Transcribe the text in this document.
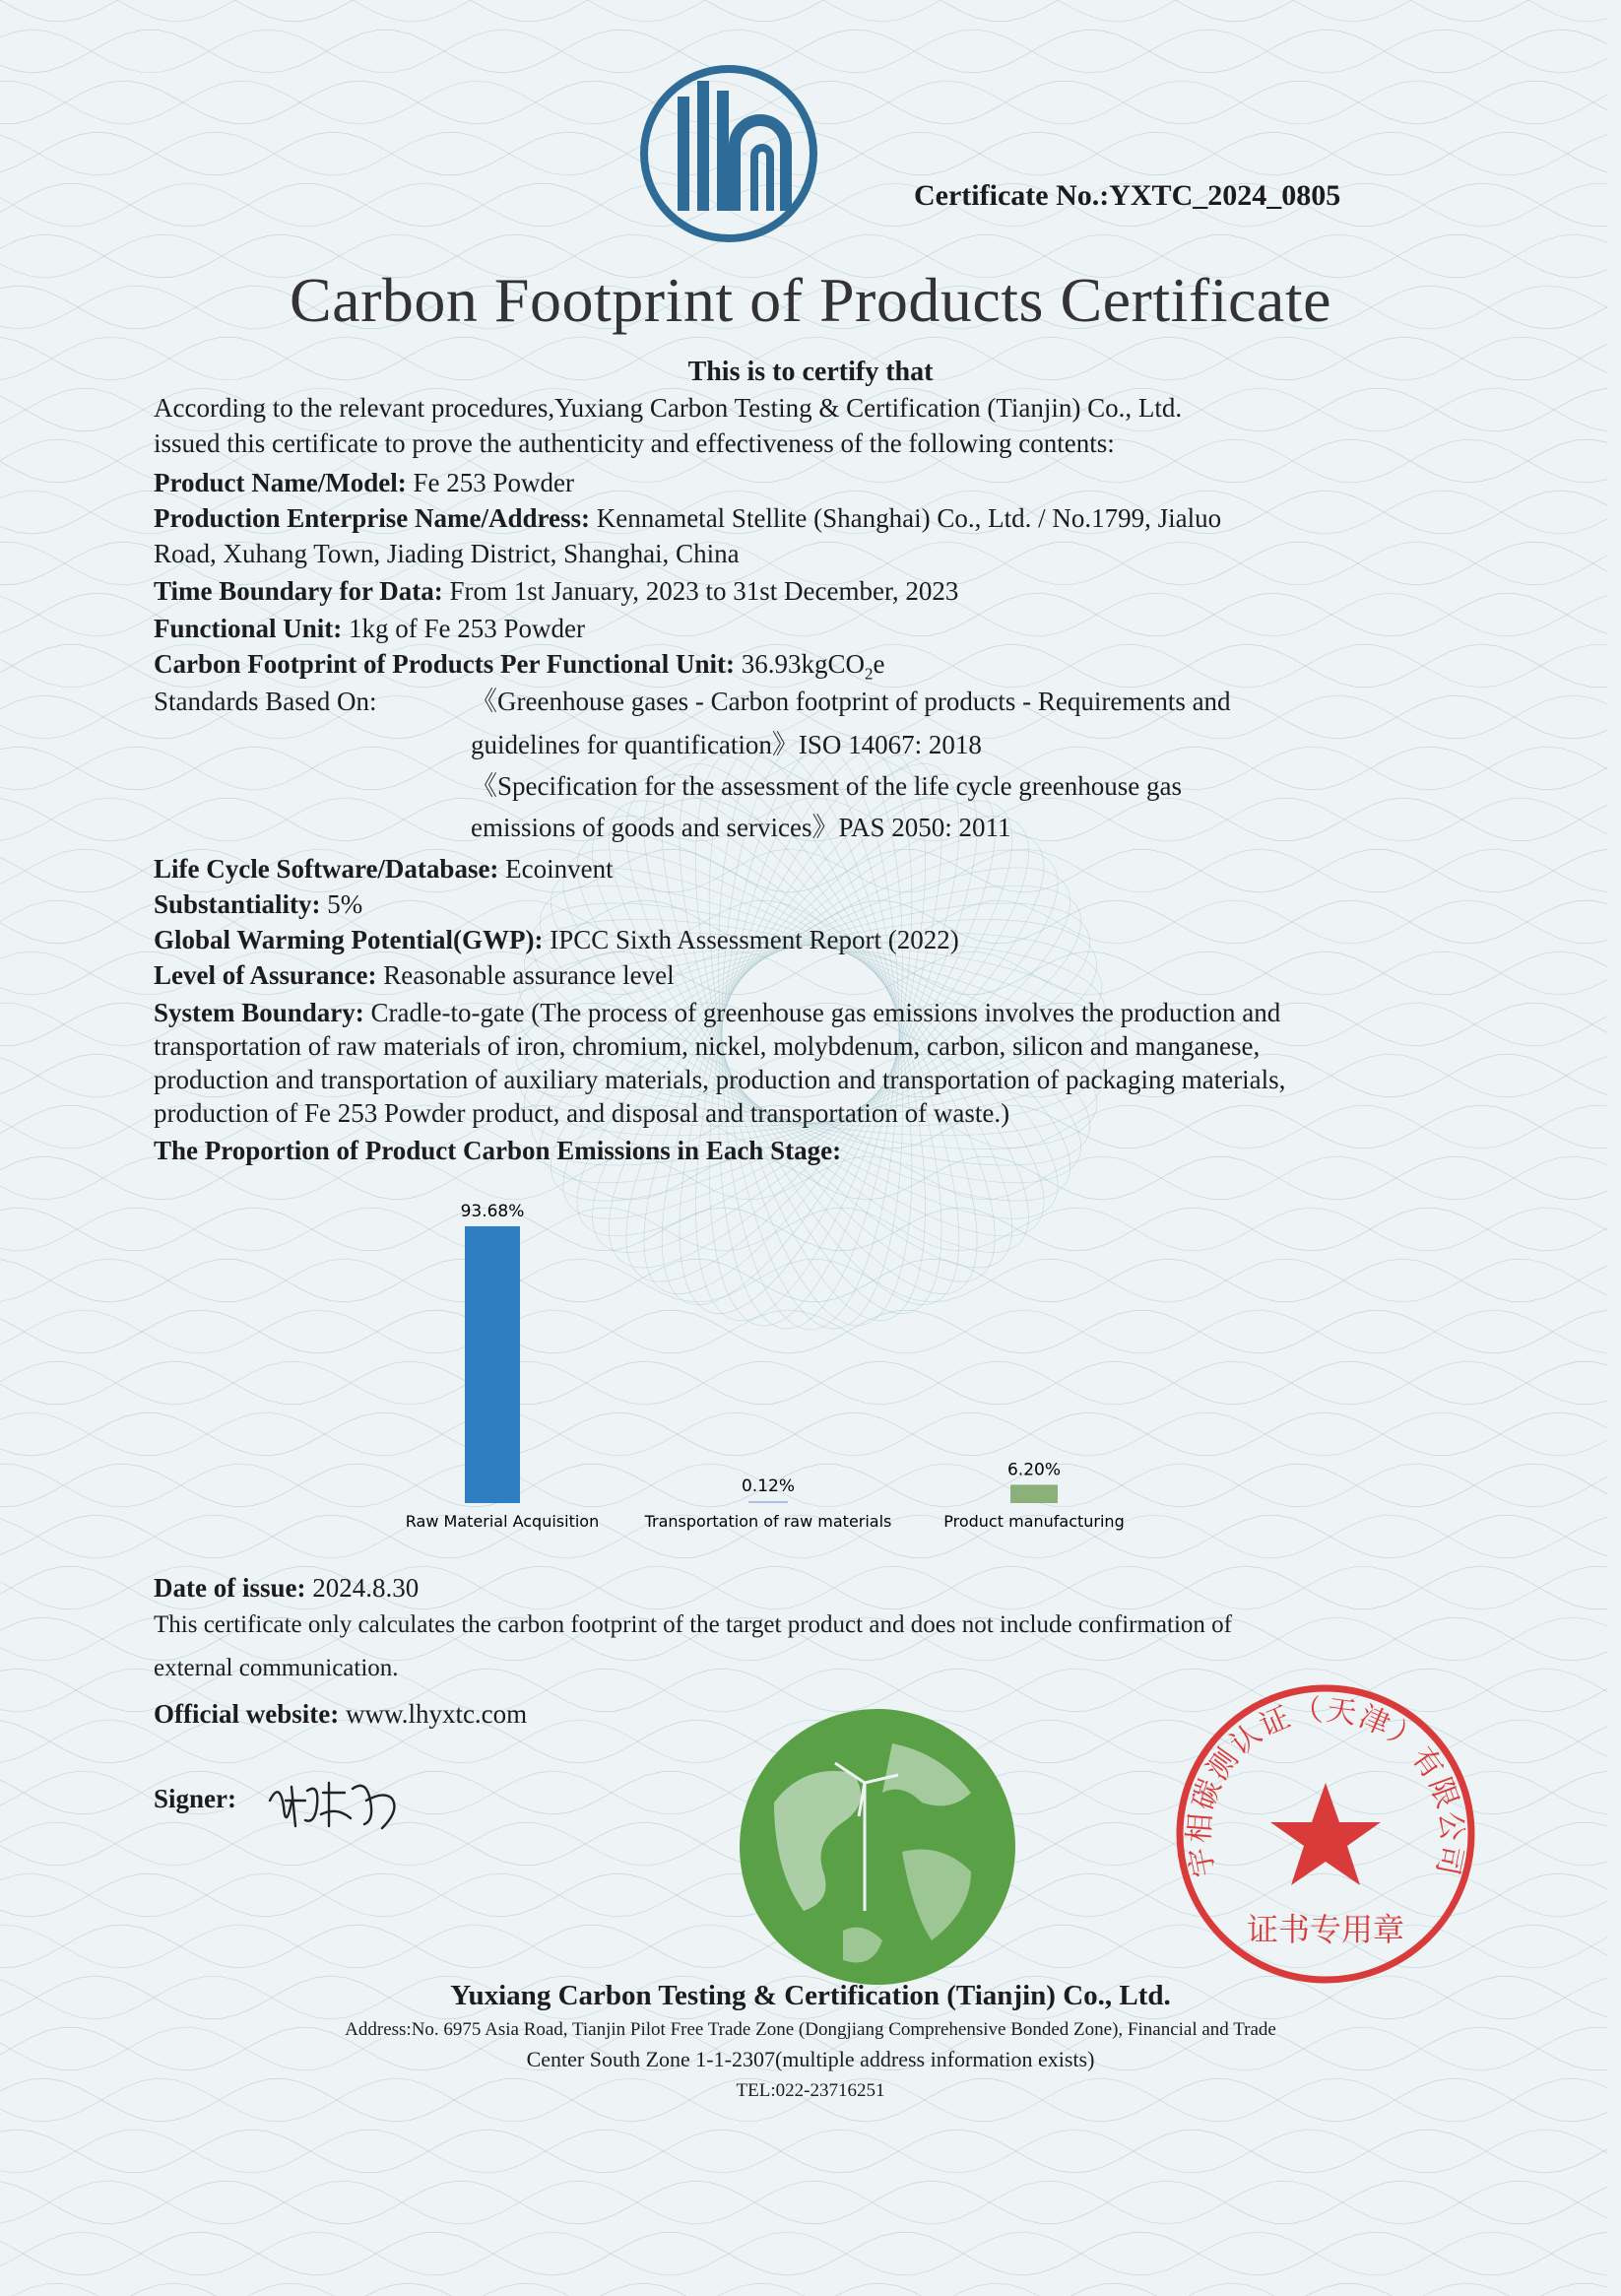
Certificate No.:YXTC_2024_0805
Carbon Footprint of Products Certificate
This is to certify that
According to the relevant procedures,Yuxiang Carbon Testing & Certification (Tianjin) Co., Ltd.
issued this certificate to prove the authenticity and effectiveness of the following contents:
Product Name/Model: Fe 253 Powder
Production Enterprise Name/Address: Kennametal Stellite (Shanghai) Co., Ltd. / No.1799, Jialuo
Road, Xuhang Town, Jiading District, Shanghai, China
Time Boundary for Data: From 1st January, 2023 to 31st December, 2023
Functional Unit: 1kg of Fe 253 Powder
Carbon Footprint of Products Per Functional Unit: 36.93kgCO$_2$e
Standards Based On:	《Greenhouse gases - Carbon footprint of products - Requirements and
guidelines for quantification》ISO 14067: 2018
《Specification for the assessment of the life cycle greenhouse gas
emissions of goods and services》PAS 2050: 2011
Life Cycle Software/Database: Ecoinvent
Substantiality: 5%
Global Warming Potential(GWP): IPCC Sixth Assessment Report (2022)
Level of Assurance: Reasonable assurance level
System Boundary: Cradle-to-gate (The process of greenhouse gas emissions involves the production and
transportation of raw materials of iron, chromium, nickel, molybdenum, carbon, silicon and manganese,
production and transportation of auxiliary materials, production and transportation of packaging materials,
production of Fe 253 Powder product, and disposal and transportation of waste.)
The Proportion of Product Carbon Emissions in Each Stage:
93.68%
0.12%
6.20%
Raw Material Acquisition	Transportation of raw materials	Product manufacturing
Date of issue: 2024.8.30
This certificate only calculates the carbon footprint of the target product and does not include confirmation of
external communication.
Official website: www.lhyxtc.com
Signer:
宇相碳测认证（天津）有限公司
证书专用章
Yuxiang Carbon Testing & Certification (Tianjin) Co., Ltd.
Address:No. 6975 Asia Road, Tianjin Pilot Free Trade Zone (Dongjiang Comprehensive Bonded Zone), Financial and Trade
Center South Zone 1-1-2307(multiple address information exists)
TEL:022-23716251
